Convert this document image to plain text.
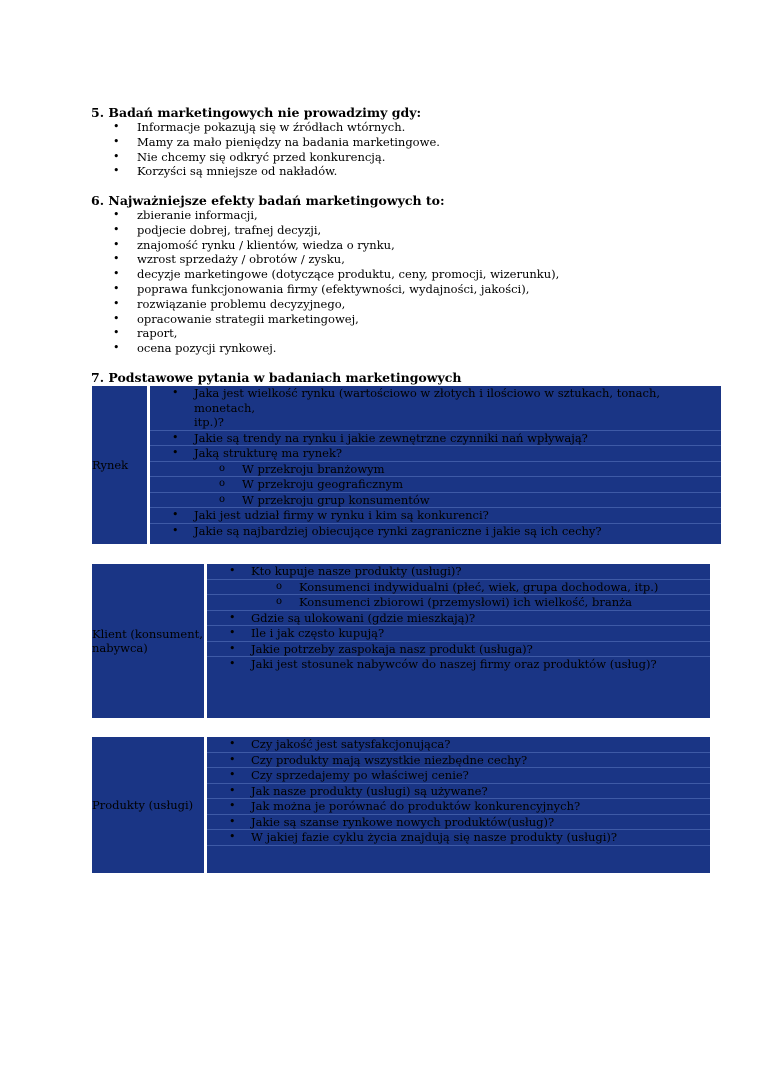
5. Badań marketingowych nie prowadzimy gdy:
• Informacje pokazują się w źródłach wtórnych.
• Mamy za mało pieniędzy na badania marketingowe.
• Nie chcemy się odkryć przed konkurencją.
• Korzyści są mniejsze od nakładów.
6. Najważniejsze efekty badań marketingowych to:
• zbieranie informacji,
• podjecie dobrej, trafnej decyzji,
• znajomość rynku / klientów, wiedza o rynku,
• wzrost sprzedaży / obrotów / zysku,
• decyzje marketingowe (dotyczące produktu, ceny, promocji, wizerunku),
• poprawa funkcjonowania firmy (efektywności, wydajności, jakości),
• rozwiązanie problemu decyzyjnego,
• opracowanie strategii marketingowej,
• raport,
• ocena pozycji rynkowej.
7. Podstawowe pytania w badaniach marketingowych
Rynek
• Jaka jest wielkość rynku (wartościowo w złotych i ilościowo w sztukach, tonach, monetach,
itp.)?
• Jakie są trendy na rynku i jakie zewnętrzne czynniki nań wpływają?
• Jaką strukturę ma rynek?
o W przekroju branżowym
o W przekroju geograficznym
o W przekroju grup konsumentów
• Jaki jest udział firmy w rynku i kim są konkurenci?
• Jakie są najbardziej obiecujące rynki zagraniczne i jakie są ich cechy?
Klient (konsument, nabywca)
• Kto kupuje nasze produkty (usługi)?
o Konsumenci indywidualni (płeć, wiek, grupa dochodowa, itp.)
o Konsumenci zbiorowi (przemysłowi) ich wielkość, branża
• Gdzie są ulokowani (gdzie mieszkają)?
• Ile i jak często kupują?
• Jakie potrzeby zaspokaja nasz produkt (usługa)?
• Jaki jest stosunek nabywców do naszej firmy oraz produktów (usług)?
Produkty (usługi)
• Czy jakość jest satysfakcjonująca?
• Czy produkty mają wszystkie niezbędne cechy?
• Czy sprzedajemy po właściwej cenie?
• Jak nasze produkty (usługi) są używane?
• Jak można je porównać do produktów konkurencyjnych?
• Jakie są szanse rynkowe nowych produktów(usług)?
• W jakiej fazie cyklu życia znajdują się nasze produkty (usługi)?
